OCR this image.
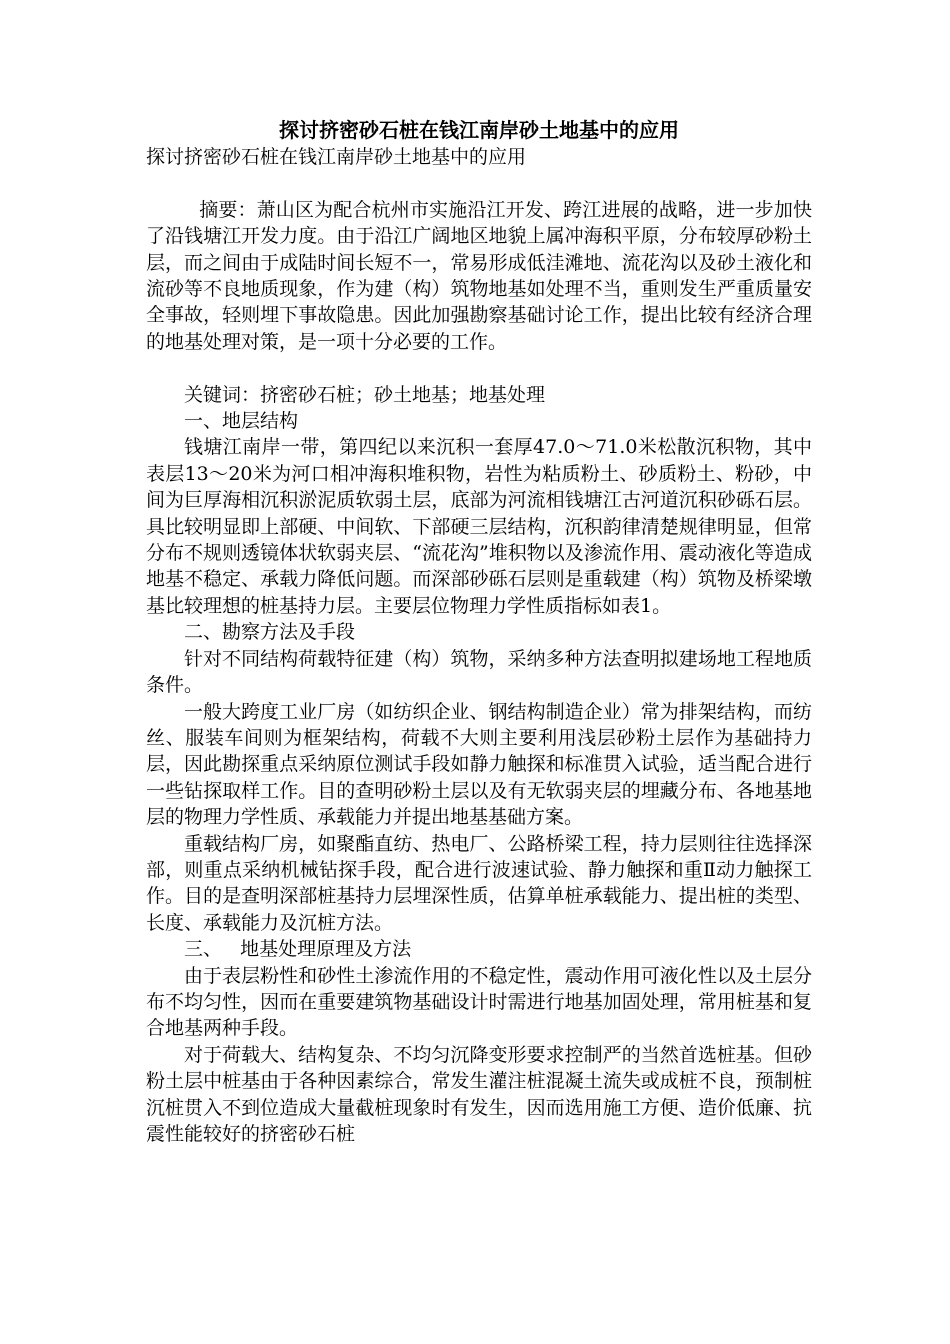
探讨挤密砂石桩在钱江南岸砂土地基中的应用

探讨挤密砂石桩在钱江南岸砂土地基中的应用

摘要：萧山区为配合杭州市实施沿江开发、跨江进展的战略，进一步加快了沿钱塘江开发力度。由于沿江广阔地区地貌上属冲海积平原，分布较厚砂粉土层，而之间由于成陆时间长短不一，常易形成低洼滩地、流花沟以及砂土液化和流砂等不良地质现象，作为建（构）筑物地基如处理不当，重则发生严重质量安全事故，轻则埋下事故隐患。因此加强勘察基础讨论工作，提出比较有经济合理的地基处理对策，是一项十分必要的工作。

关键词：挤密砂石桩；砂土地基；地基处理

一、地层结构

钱塘江南岸一带，第四纪以来沉积一套厚47.0～71.0米松散沉积物，其中表层13～20米为河口相冲海积堆积物，岩性为粘质粉土、砂质粉土、粉砂，中间为巨厚海相沉积淤泥质软弱土层，底部为河流相钱塘江古河道沉积砂砾石层。具比较明显即上部硬、中间软、下部硬三层结构，沉积韵律清楚规律明显，但常分布不规则透镜体状软弱夹层、“流花沟”堆积物以及渗流作用、震动液化等造成地基不稳定、承载力降低问题。而深部砂砾石层则是重载建（构）筑物及桥梁墩基比较理想的桩基持力层。主要层位物理力学性质指标如表1。

二、勘察方法及手段

针对不同结构荷载特征建（构）筑物，采纳多种方法查明拟建场地工程地质条件。

一般大跨度工业厂房（如纺织企业、钢结构制造企业）常为排架结构，而纺丝、服装车间则为框架结构，荷载不大则主要利用浅层砂粉土层作为基础持力层，因此勘探重点采纳原位测试手段如静力触探和标准贯入试验，适当配合进行一些钻探取样工作。目的查明砂粉土层以及有无软弱夹层的埋藏分布、各地基地层的物理力学性质、承载能力并提出地基基础方案。

重载结构厂房，如聚酯直纺、热电厂、公路桥梁工程，持力层则往往选择深部，则重点采纳机械钻探手段，配合进行波速试验、静力触探和重Ⅱ动力触探工作。目的是查明深部桩基持力层埋深性质，估算单桩承载能力、提出桩的类型、长度、承载能力及沉桩方法。

三、 地基处理原理及方法

由于表层粉性和砂性土渗流作用的不稳定性，震动作用可液化性以及土层分布不均匀性，因而在重要建筑物基础设计时需进行地基加固处理，常用桩基和复合地基两种手段。

对于荷载大、结构复杂、不均匀沉降变形要求控制严的当然首选桩基。但砂粉土层中桩基由于各种因素综合，常发生灌注桩混凝土流失或成桩不良，预制桩沉桩贯入不到位造成大量截桩现象时有发生，因而选用施工方便、造价低廉、抗震性能较好的挤密砂石桩
